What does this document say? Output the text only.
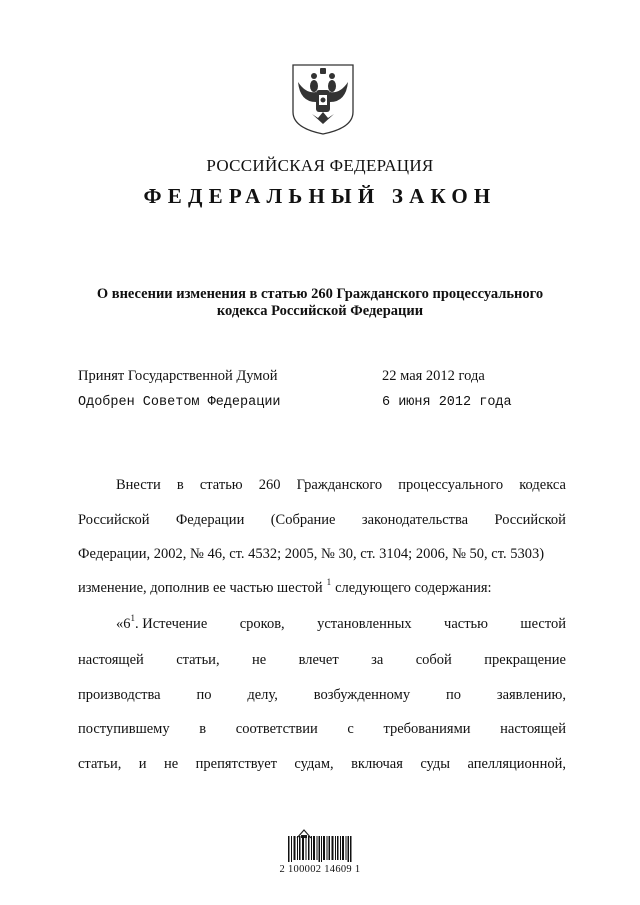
РОССИЙСКАЯ ФЕДЕРАЦИЯ
ФЕДЕРАЛЬНЫЙ ЗАКОН
О внесении изменения в статью 260 Гражданского процессуального
кодекса Российской Федерации
Принят Государственной Думой	22 мая 2012 года
Одобрен Советом Федерации	6 июня 2012 года
Внести в статью 260 Гражданского процессуального кодекса
Российской Федерации (Собрание законодательства Российской
Федерации, 2002, № 46, ст. 4532; 2005, № 30, ст. 3104; 2006, № 50, ст. 5303)
изменение, дополнив ее частью шестой $^1$ следующего содержания:
«$6^1$. Истечение сроков, установленных частью шестой
настоящей статьи, не влечет за собой прекращение
производства по делу, возбужденному по заявлению,
поступившему в соответствии с требованиями настоящей
статьи, и не препятствует судам, включая суды апелляционной,
2 100002 14609 1
